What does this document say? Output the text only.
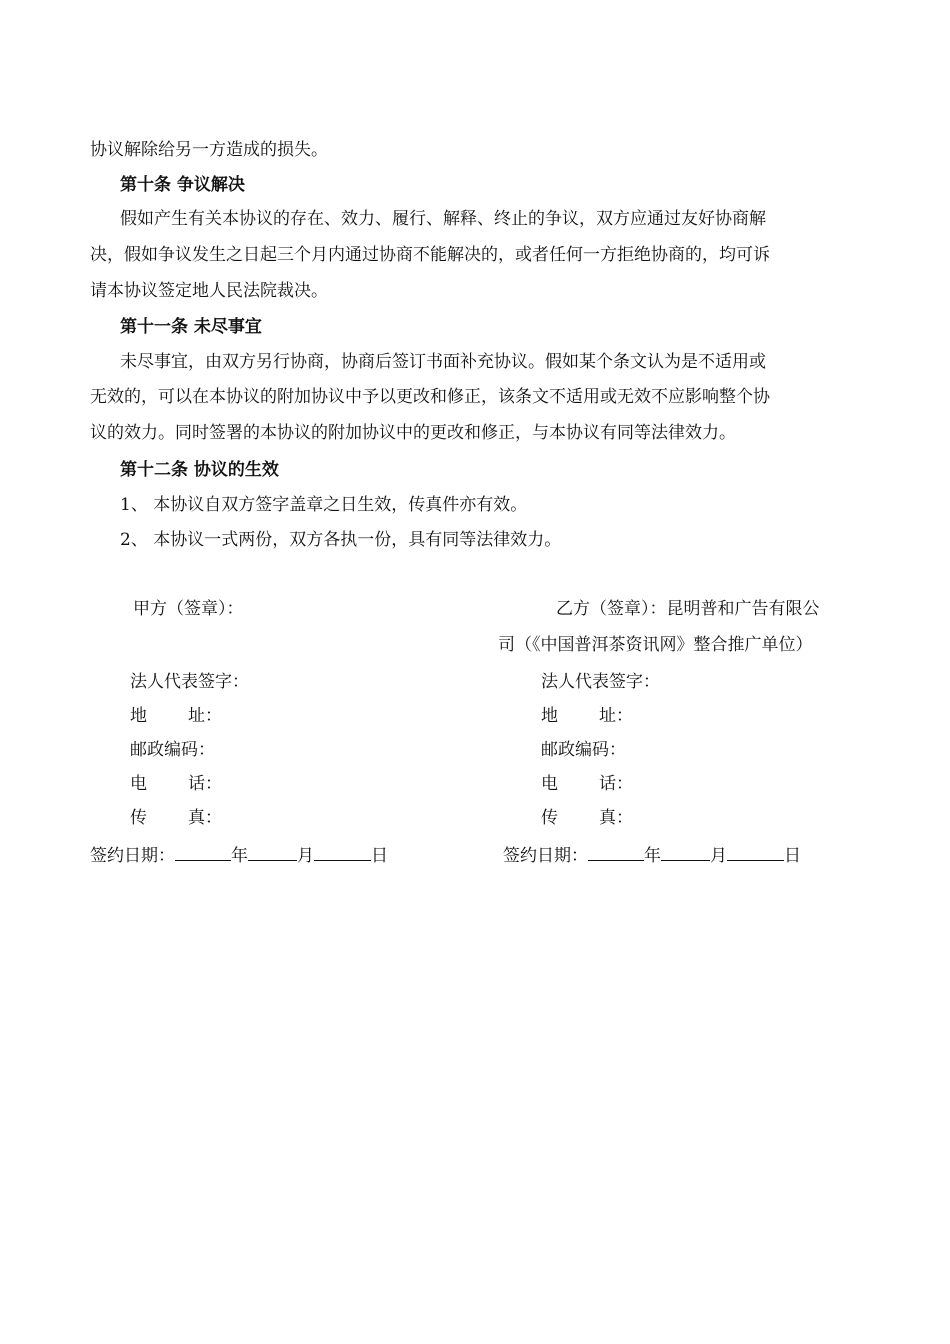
协议解除给另一方造成的损失。
第十条 争议解决
假如产生有关本协议的存在、效力、履行、解释、终止的争议，双方应通过友好协商解
决，假如争议发生之日起三个月内通过协商不能解决的，或者任何一方拒绝协商的，均可诉
请本协议签定地人民法院裁决。
第十一条 未尽事宜
未尽事宜，由双方另行协商，协商后签订书面补充协议。假如某个条文认为是不适用或
无效的，可以在本协议的附加协议中予以更改和修正，该条文不适用或无效不应影响整个协
议的效力。同时签署的本协议的附加协议中的更改和修正，与本协议有同等法律效力。
第十二条 协议的生效
1、 本协议自双方签字盖章之日生效，传真件亦有效。
2、 本协议一式两份，双方各执一份，具有同等法律效力。
甲方（签章）：
法人代表签字：
地 址：
邮政编码：
电 话：
传 真：
签约日期：	年	月	日
乙方（签章）：昆明普和广告有限公
司（《中国普洱茶资讯网》整合推广单位）
法人代表签字：
地 址：
邮政编码：
电 话：
传 真：
签约日期：	年	月	日
